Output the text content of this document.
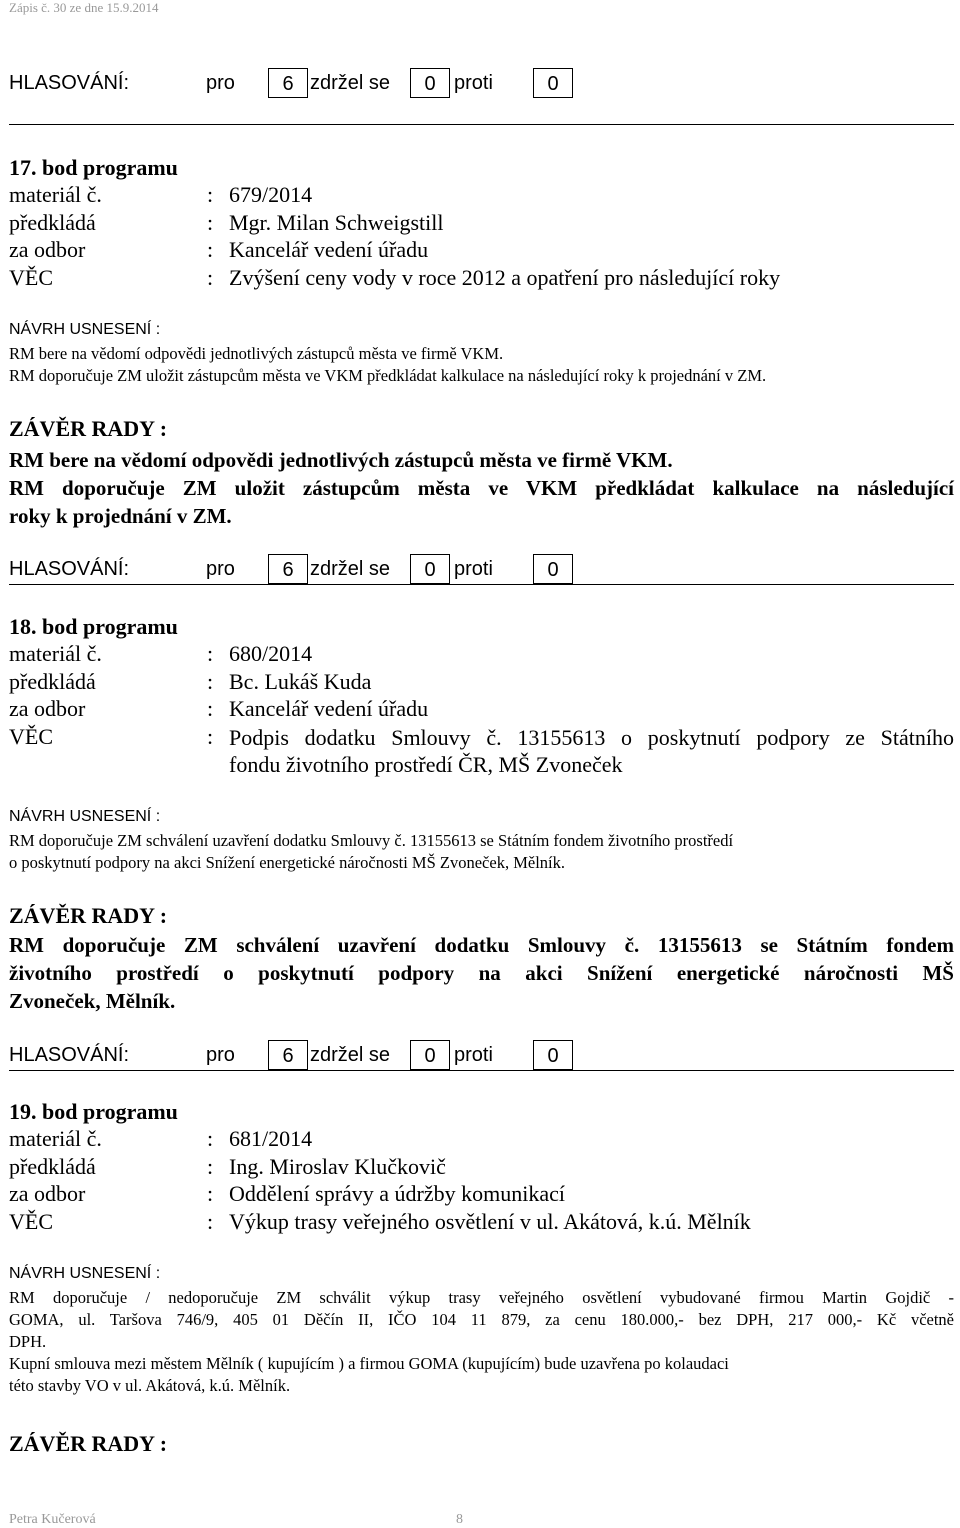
Zápis č. 30 ze dne 15.9.2014
HLASOVÁNÍ:	pro	6 zdržel se	0 proti	0
17. bod programu
materiál č.	: 679/2014
předkládá	: Mgr. Milan Schweigstill
za odbor	: Kancelář vedení úřadu
VĚC	: Zvýšení ceny vody v roce 2012 a opatření pro následující roky
NÁVRH USNESENÍ :
RM bere na vědomí odpovědi jednotlivých zástupců města ve firmě VKM.
RM doporučuje ZM uložit zástupcům města ve VKM předkládat kalkulace na následující roky k projednání v ZM.
ZÁVĚR RADY :
RM bere na vědomí odpovědi jednotlivých zástupců města ve firmě VKM.
RM doporučuje ZM uložit zástupcům města ve VKM předkládat kalkulace na následující
roky k projednání v ZM.
HLASOVÁNÍ:	pro	6 zdržel se	0 proti	0
18. bod programu
materiál č.	: 680/2014
předkládá	: Bc. Lukáš Kuda
za odbor	: Kancelář vedení úřadu
VĚC	: Podpis dodatku Smlouvy č. 13155613 o poskytnutí podpory ze Státního
fondu životního prostředí ČR, MŠ Zvoneček
NÁVRH USNESENÍ :
RM doporučuje ZM schválení uzavření dodatku Smlouvy č. 13155613 se Státním fondem životního prostředí
o poskytnutí podpory na akci Snížení energetické náročnosti MŠ Zvoneček, Mělník.
ZÁVĚR RADY :
RM doporučuje ZM schválení uzavření dodatku Smlouvy č. 13155613 se Státním fondem
životního prostředí o poskytnutí podpory na akci Snížení energetické náročnosti MŠ
Zvoneček, Mělník.
HLASOVÁNÍ:	pro	6 zdržel se	0 proti	0
19. bod programu
materiál č.	: 681/2014
předkládá	: Ing. Miroslav Klučkovič
za odbor	: Oddělení správy a údržby komunikací
VĚC	: Výkup trasy veřejného osvětlení v ul. Akátová, k.ú. Mělník
NÁVRH USNESENÍ :
RM doporučuje / nedoporučuje ZM schválit výkup trasy veřejného osvětlení vybudované firmou Martin Gojdič -
GOMA, ul. Taršova 746/9, 405 01 Děčín II, IČO 104 11 879, za cenu 180.000,- bez DPH, 217 000,- Kč včetně
DPH.
Kupní smlouva mezi městem Mělník ( kupujícím ) a firmou GOMA (kupujícím) bude uzavřena po kolaudaci
této stavby VO v ul. Akátová, k.ú. Mělník.
ZÁVĚR RADY :
Petra Kučerová	8
